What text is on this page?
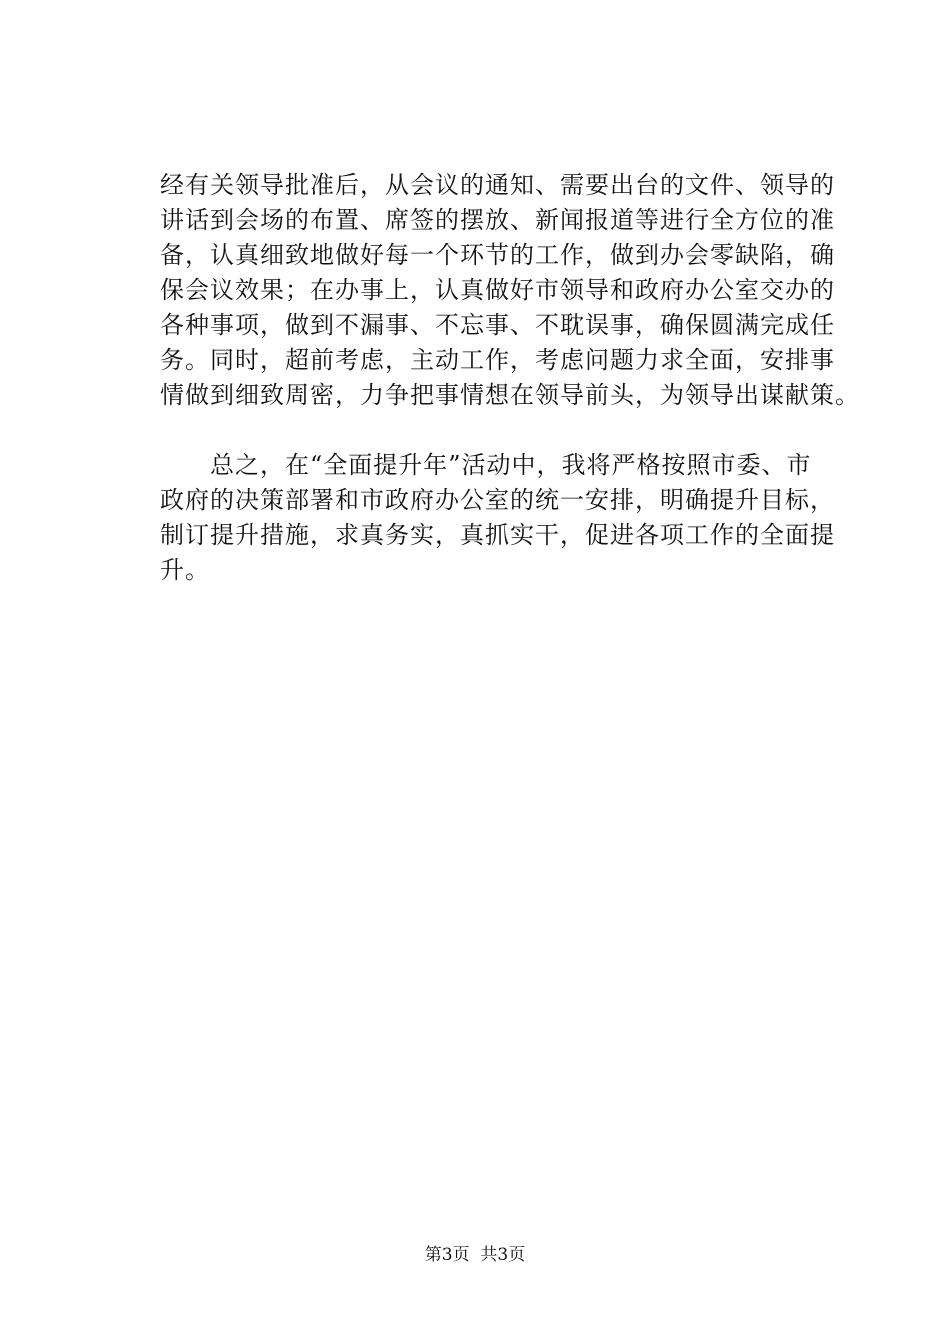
经有关领导批准后，从会议的通知、需要出台的文件、领导的

讲话到会场的布置、席签的摆放、新闻报道等进行全方位的准

备，认真细致地做好每一个环节的工作，做到办会零缺陷，确

保会议效果；在办事上，认真做好市领导和政府办公室交办的

各种事项，做到不漏事、不忘事、不耽误事，确保圆满完成任

务。同时，超前考虑，主动工作，考虑问题力求全面，安排事

情做到细致周密，力争把事情想在领导前头，为领导出谋献策。

　　总之，在“全面提升年”活动中，我将严格按照市委、市

政府的决策部署和市政府办公室的统一安排，明确提升目标，

制订提升措施，求真务实，真抓实干，促进各项工作的全面提

升。

第3页  共3页
